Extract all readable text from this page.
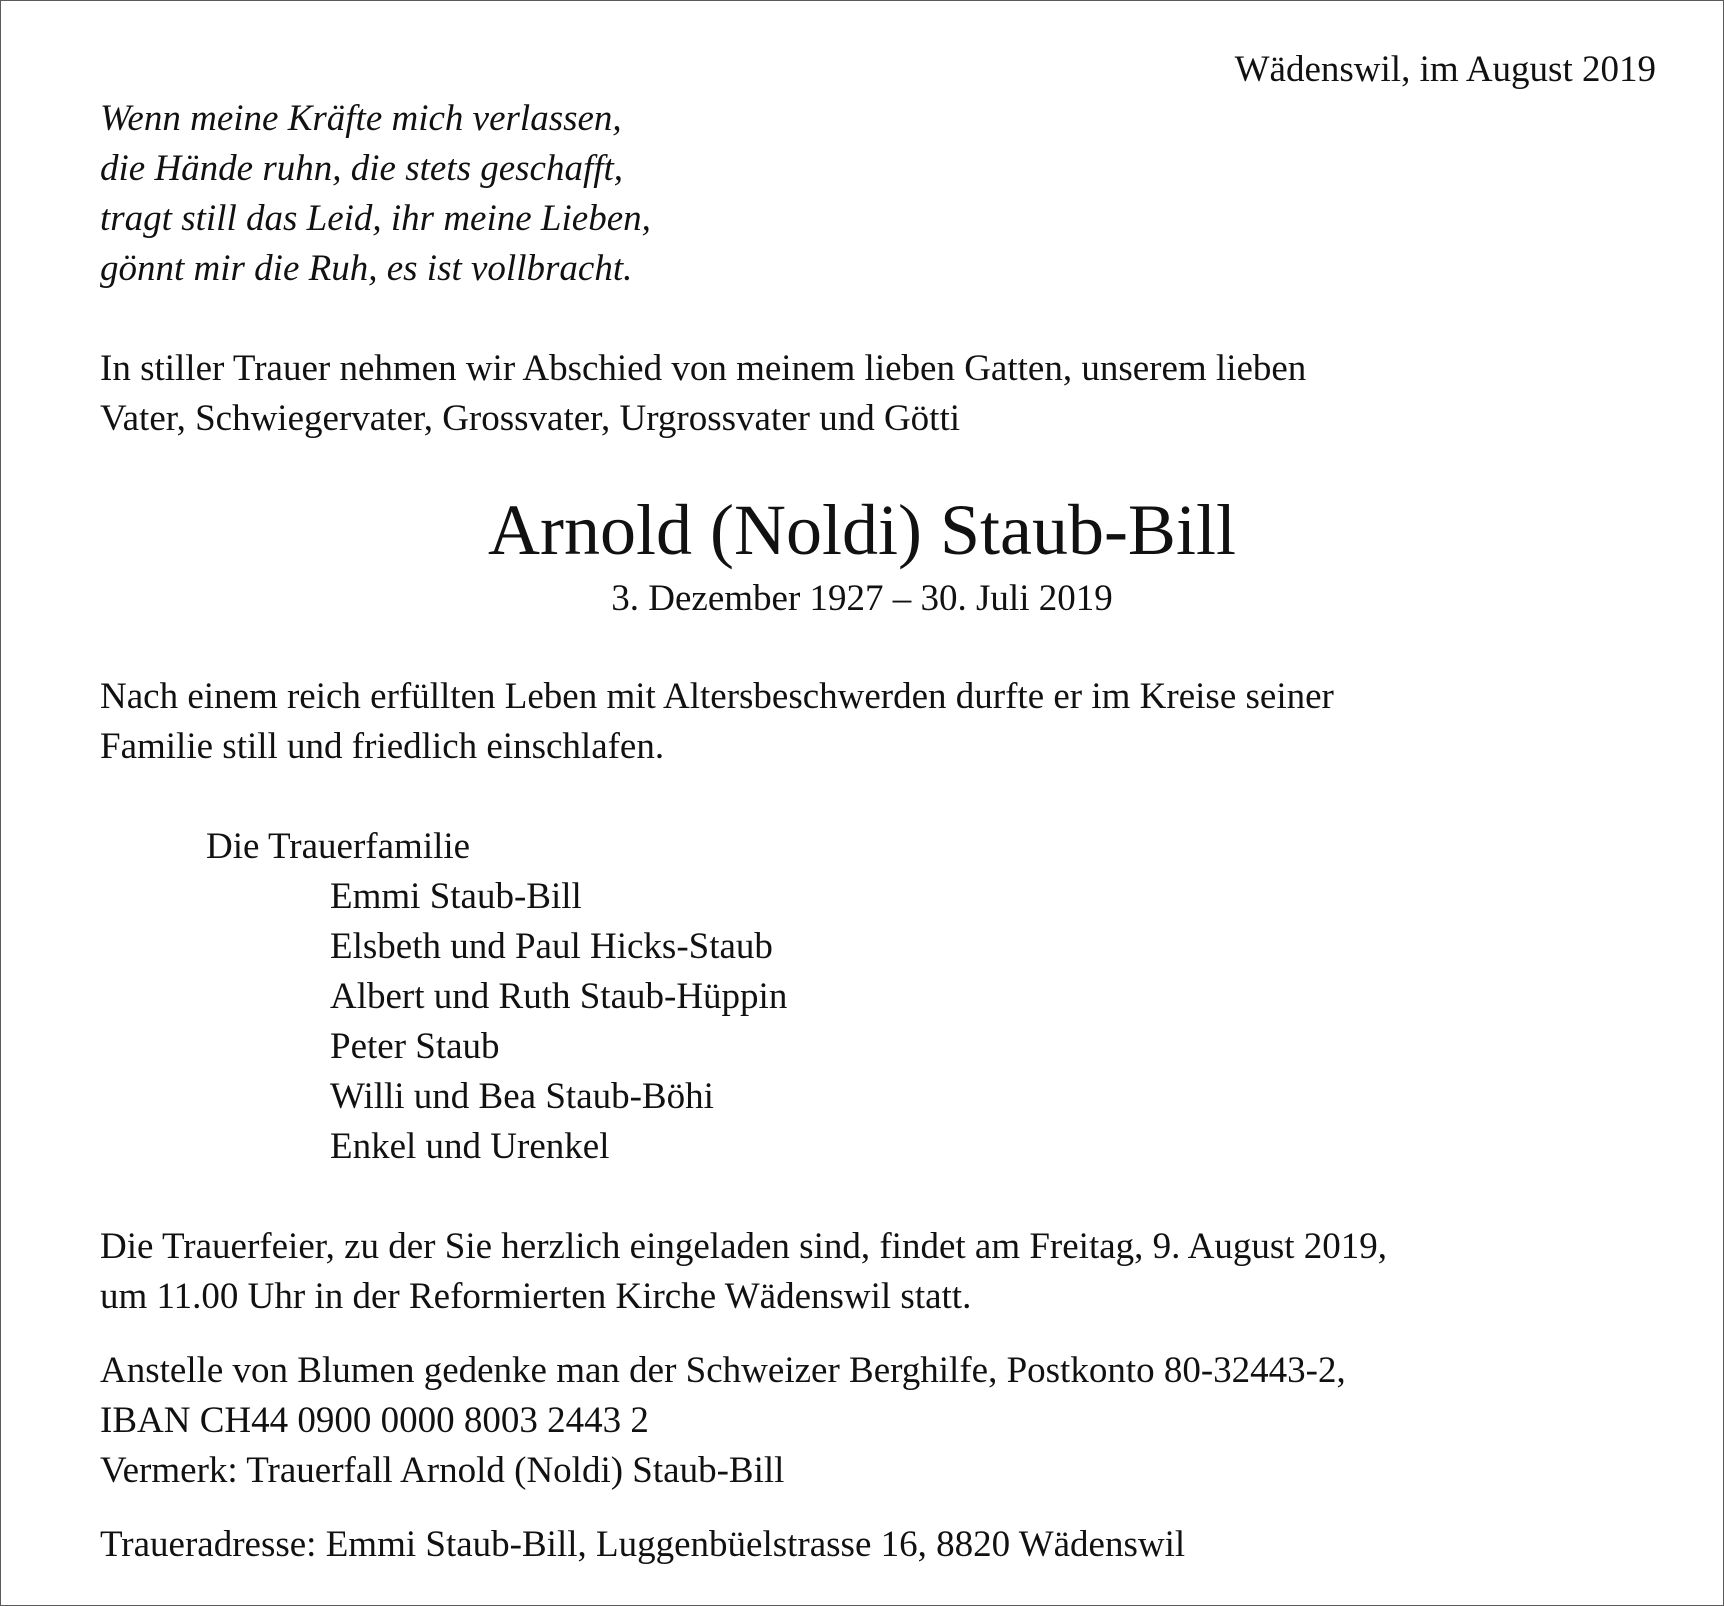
Wädenswil, im August 2019
Wenn meine Kräfte mich verlassen,
die Hände ruhn, die stets geschafft,
tragt still das Leid, ihr meine Lieben,
gönnt mir die Ruh, es ist vollbracht.
In stiller Trauer nehmen wir Abschied von meinem lieben Gatten, unserem lieben
Vater, Schwiegervater, Grossvater, Urgrossvater und Götti
Arnold (Noldi) Staub-Bill
3. Dezember 1927 – 30. Juli 2019
Nach einem reich erfüllten Leben mit Altersbeschwerden durfte er im Kreise seiner
Familie still und friedlich einschlafen.
Die Trauerfamilie
Emmi Staub-Bill
Elsbeth und Paul Hicks-Staub
Albert und Ruth Staub-Hüppin
Peter Staub
Willi und Bea Staub-Böhi
Enkel und Urenkel
Die Trauerfeier, zu der Sie herzlich eingeladen sind, findet am Freitag, 9. August 2019,
um 11.00 Uhr in der Reformierten Kirche Wädenswil statt.
Anstelle von Blumen gedenke man der Schweizer Berghilfe, Postkonto 80-32443-2,
IBAN CH44 0900 0000 8003 2443 2
Vermerk: Trauerfall Arnold (Noldi) Staub-Bill
Traueradresse: Emmi Staub-Bill, Luggenbüelstrasse 16, 8820 Wädenswil
